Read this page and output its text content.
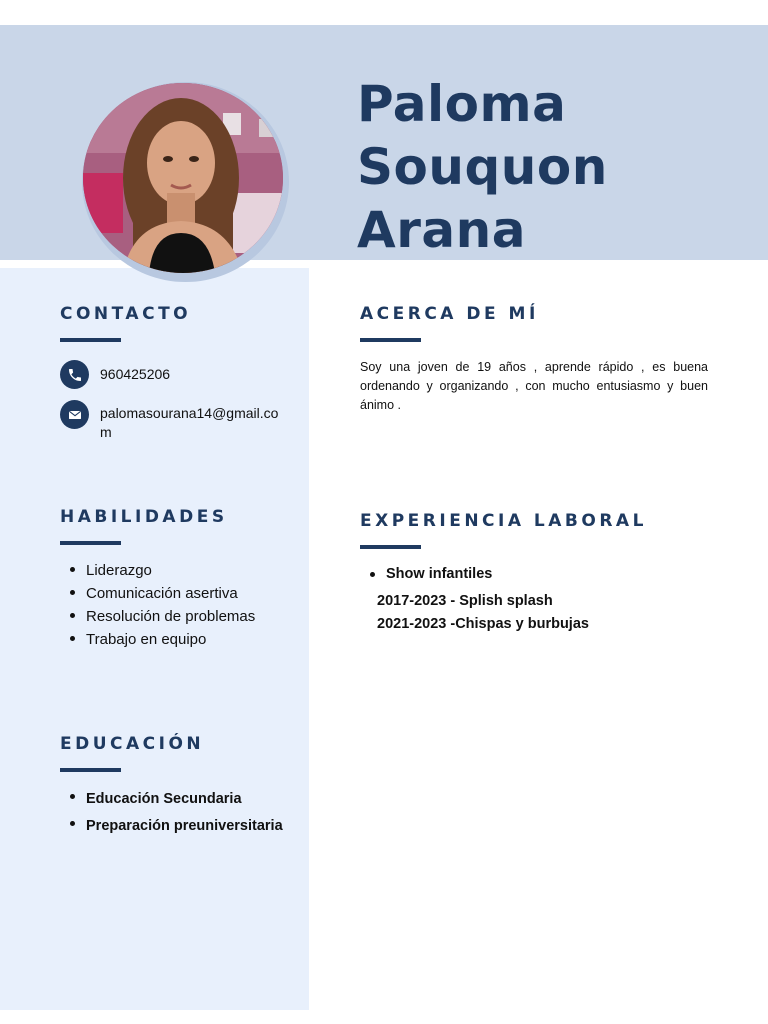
Paloma
Souquon
Arana
CONTACTO
960425206
palomasourana14@gmail.com
HABILIDADES
Liderazgo
Comunicación asertiva
Resolución de problemas
Trabajo en equipo
EDUCACIÓN
Educación Secundaria
Preparación preuniversitaria
ACERCA DE MÍ

Soy una joven de 19 años , aprende rápido , es buena ordenando y organizando , con mucho entusiasmo y buen ánimo .

EXPERIENCIA LABORAL
Show infantiles
2017-2023 - Splish splash
2021-2023 -Chispas y burbujas
